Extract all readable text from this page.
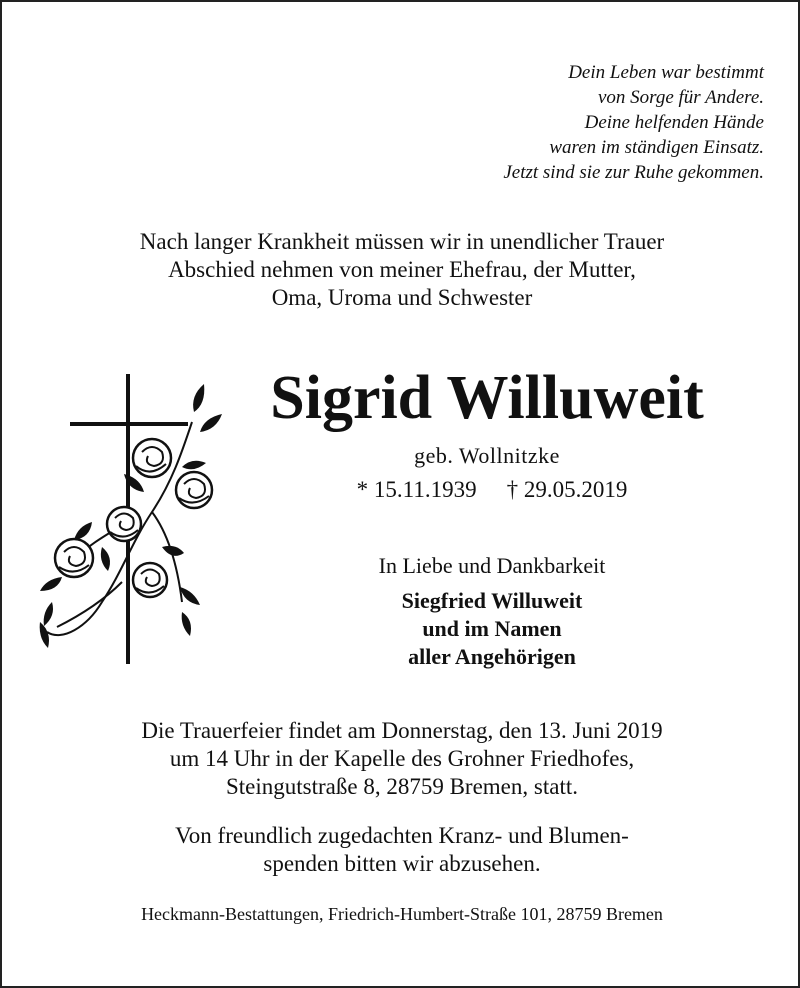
Dein Leben war bestimmt
von Sorge für Andere.
Deine helfenden Hände
waren im ständigen Einsatz.
Jetzt sind sie zur Ruhe gekommen.
Nach langer Krankheit müssen wir in unendlicher Trauer
Abschied nehmen von meiner Ehefrau, der Mutter,
Oma, Uroma und Schwester
Sigrid Willuweit
geb. Wollnitzke
* 15.11.1939 † 29.05.2019
In Liebe und Dankbarkeit
Siegfried Willuweit
und im Namen
aller Angehörigen
Die Trauerfeier findet am Donnerstag, den 13. Juni 2019
um 14 Uhr in der Kapelle des Grohner Friedhofes,
Steingutstraße 8, 28759 Bremen, statt.
Von freundlich zugedachten Kranz- und Blumen-
spenden bitten wir abzusehen.
Heckmann-Bestattungen, Friedrich-Humbert-Straße 101, 28759 Bremen
